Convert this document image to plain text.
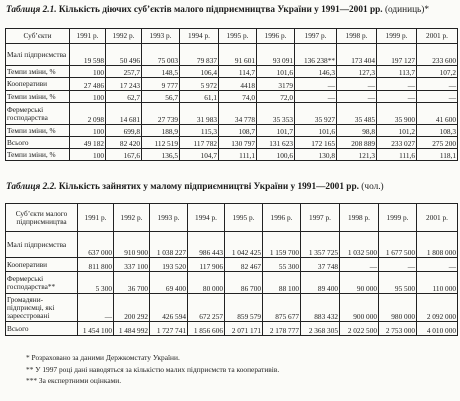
Таблиця 2.1. Кількість діючих суб’єктів малого підприємництва України у 1991—2001 рр. (одиниць)*
Суб’єкти	1991 р.	1992 р.	1993 р.	1994 р.	1995 р.	1996 р.	1997 р.	1998 р.	1999 р.	2001 р.
Малі підприємства	19 598	50 496	75 003	79 837	91 601	93 091	136 238**	173 404	197 127	233 600
Темпи зміни, %	100	257,7	148,5	106,4	114,7	101,6	146,3	127,3	113,7	107,2
Кооперативи	27 486	17 243	9 777	5 972	4418	3179	—	—	—	—
Темпи зміни, %	100	62,7	56,7	61,1	74,0	72,0	—	—	—	—
Фермерські господарства	2 098	14 681	27 739	31 983	34 778	35 353	35 927	35 485	35 900	41 600
Темпи зміни, %	100	699,8	188,9	115,3	108,7	101,7	101,6	98,8	101,2	108,3
Всього	49 182	82 420	112 519	117 782	130 797	131 623	172 165	208 889	233 027	275 200
Темпи зміни, %	100	167,6	136,5	104,7	111,1	100,6	130,8	121,3	111,6	118,1
Таблиця 2.2. Кількість зайнятих у малому підприємництві України у 1991—2001 рр. (чол.)
Суб’єкти малого підприємництва	1991 р.	1992 р.	1993 р.	1994 р.	1995 р.	1996 р.	1997 р.	1998 р.	1999 р.	2001 р.
Малі підприємства	637 000	910 900	1 038 227	986 443	1 042 425	1 159 700	1 357 725	1 032 500	1 677 500	1 808 000
Кооперативи	811 800	337 100	193 520	117 906	82 467	55 300	37 748	—	—	—
Фермерські господарства**	5 300	36 700	69 400	80 000	86 700	88 100	89 400	90 000	95 500	110 000
Громадяни-підприємці, які зареєстровані	—	200 292	426 594	672 257	859 579	875 677	883 432	900 000	980 000	2 092 000
Всього	1 454 100	1 484 992	1 727 741	1 856 606	2 071 171	2 178 777	2 368 305	2 022 500	2 753 000	4 010 000
* Розраховано за даними Держкомстату України.
** У 1997 році дані наводяться за кількістю малих підприємств та кооперативів.
*** За експертними оцінками.
